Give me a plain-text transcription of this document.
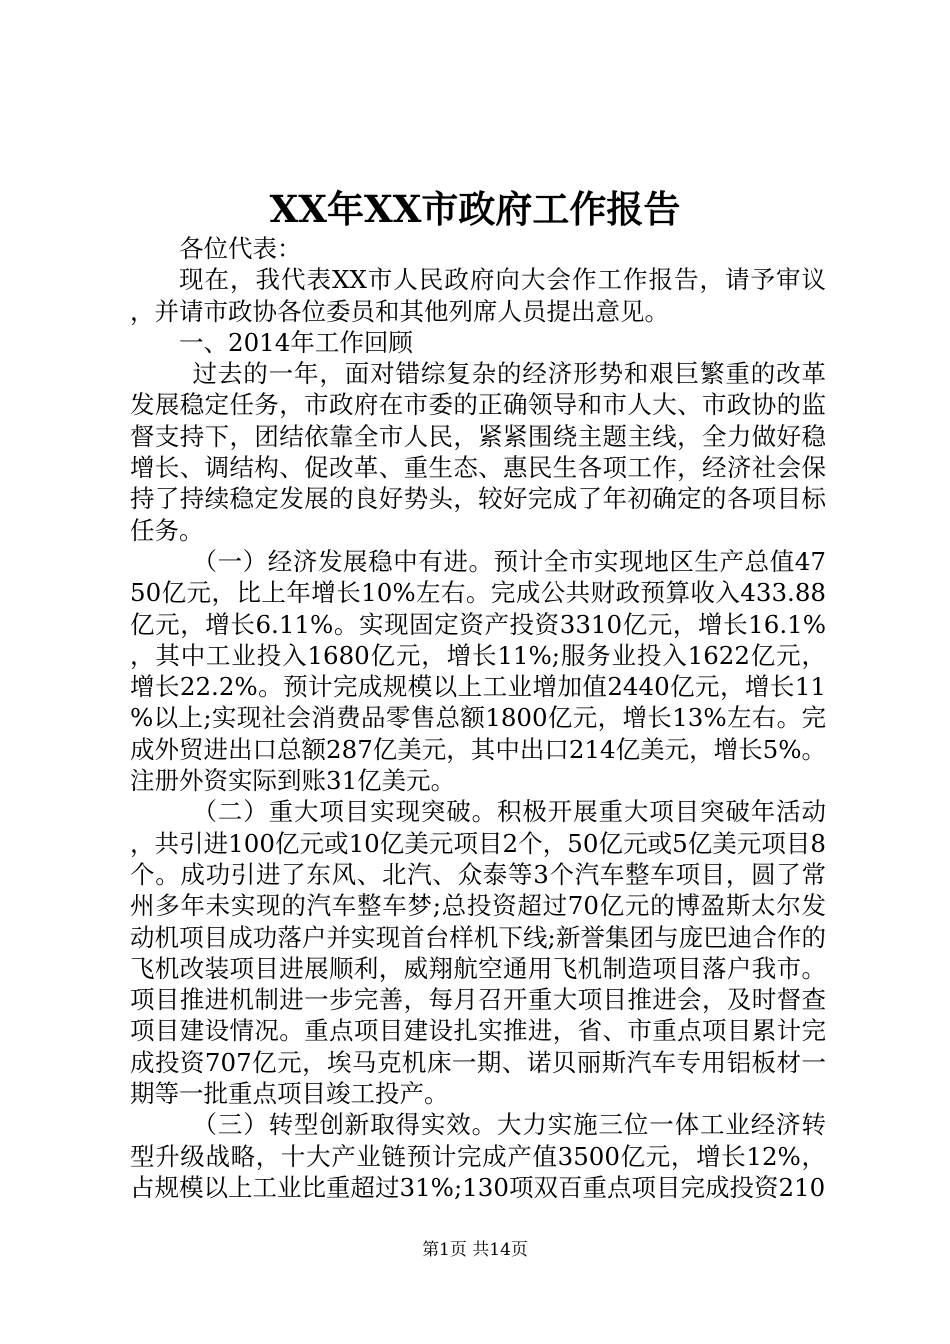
XX年XX市政府工作报告

各位代表：

现在，我代表XX市人民政府向大会作工作报告，请予审议，并请市政协各位委员和其他列席人员提出意见。

一、2014年工作回顾

过去的一年，面对错综复杂的经济形势和艰巨繁重的改革发展稳定任务，市政府在市委的正确领导和市人大、市政协的监督支持下，团结依靠全市人民，紧紧围绕主题主线，全力做好稳增长、调结构、促改革、重生态、惠民生各项工作，经济社会保持了持续稳定发展的良好势头，较好完成了年初确定的各项目标任务。

（一）经济发展稳中有进。预计全市实现地区生产总值4750亿元，比上年增长10%左右。完成公共财政预算收入433.88亿元，增长6.11%。实现固定资产投资3310亿元，增长16.1%，其中工业投入1680亿元，增长11%;服务业投入1622亿元，增长22.2%。预计完成规模以上工业增加值2440亿元，增长11%以上;实现社会消费品零售总额1800亿元，增长13%左右。完成外贸进出口总额287亿美元，其中出口214亿美元，增长5%。注册外资实际到账31亿美元。

（二）重大项目实现突破。积极开展重大项目突破年活动，共引进100亿元或10亿美元项目2个，50亿元或5亿美元项目8个。成功引进了东风、北汽、众泰等3个汽车整车项目，圆了常州多年未实现的汽车整车梦;总投资超过70亿元的博盈斯太尔发动机项目成功落户并实现首台样机下线;新誉集团与庞巴迪合作的飞机改装项目进展顺利，威翔航空通用飞机制造项目落户我市。项目推进机制进一步完善，每月召开重大项目推进会，及时督查项目建设情况。重点项目建设扎实推进，省、市重点项目累计完成投资707亿元，埃马克机床一期、诺贝丽斯汽车专用铝板材一期等一批重点项目竣工投产。

（三）转型创新取得实效。大力实施三位一体工业经济转型升级战略，十大产业链预计完成产值3500亿元，增长12%，占规模以上工业比重超过31%;130项双百重点项目完成投资210

第1页 共14页
